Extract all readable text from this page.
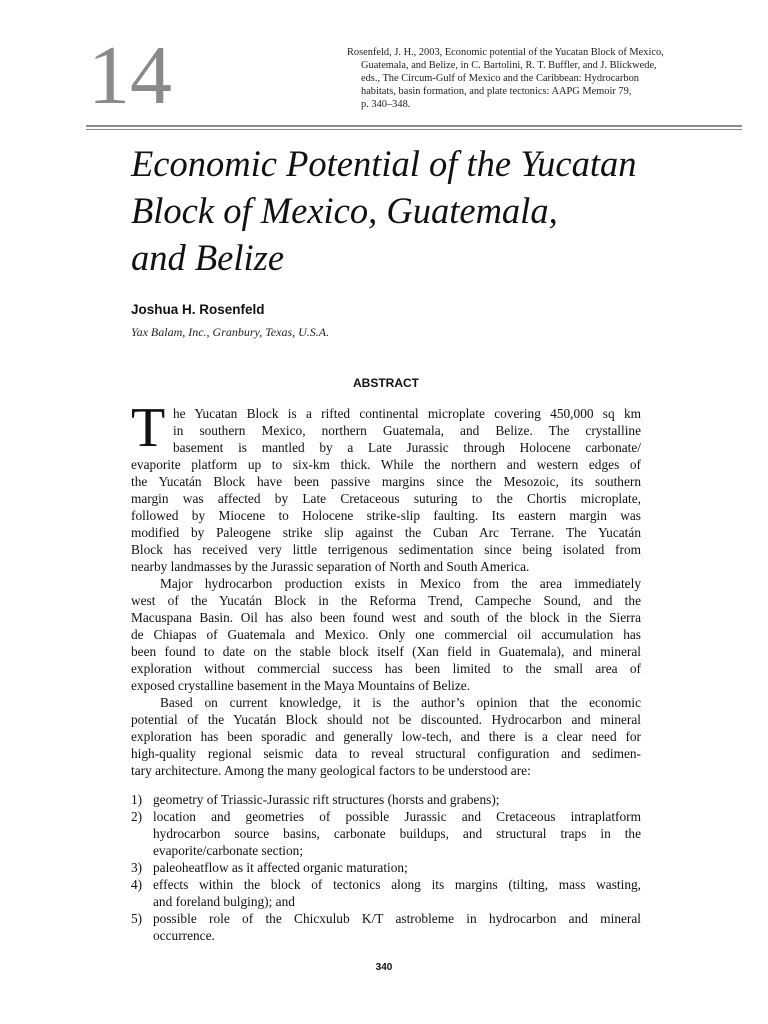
14	Rosenfeld, J. H., 2003, Economic potential of the Yucatan Block of Mexico,
Guatemala, and Belize, in C. Bartolini, R. T. Buffler, and J. Blickwede,
eds., The Circum-Gulf of Mexico and the Caribbean: Hydrocarbon
habitats, basin formation, and plate tectonics: AAPG Memoir 79,
p. 340–348.
Economic Potential of the Yucatan
Block of Mexico, Guatemala,
and Belize
Joshua H. Rosenfeld
Yax Balam, Inc., Granbury, Texas, U.S.A.
ABSTRACT
T he Yucatan Block is a rifted continental microplate covering 450,000 sq km
in southern Mexico, northern Guatemala, and Belize. The crystalline
basement is mantled by a Late Jurassic through Holocene carbonate/
evaporite platform up to six-km thick. While the northern and western edges of
the Yucatán Block have been passive margins since the Mesozoic, its southern
margin was affected by Late Cretaceous suturing to the Chortis microplate,
followed by Miocene to Holocene strike-slip faulting. Its eastern margin was
modified by Paleogene strike slip against the Cuban Arc Terrane. The Yucatán
Block has received very little terrigenous sedimentation since being isolated from
nearby landmasses by the Jurassic separation of North and South America.
Major hydrocarbon production exists in Mexico from the area immediately
west of the Yucatán Block in the Reforma Trend, Campeche Sound, and the
Macuspana Basin. Oil has also been found west and south of the block in the Sierra
de Chiapas of Guatemala and Mexico. Only one commercial oil accumulation has
been found to date on the stable block itself (Xan field in Guatemala), and mineral
exploration without commercial success has been limited to the small area of
exposed crystalline basement in the Maya Mountains of Belize.
Based on current knowledge, it is the author’s opinion that the economic
potential of the Yucatán Block should not be discounted. Hydrocarbon and mineral
exploration has been sporadic and generally low-tech, and there is a clear need for
high-quality regional seismic data to reveal structural configuration and sedimen-
tary architecture. Among the many geological factors to be understood are:
1) geometry of Triassic-Jurassic rift structures (horsts and grabens);
2) location and geometries of possible Jurassic and Cretaceous intraplatform
hydrocarbon source basins, carbonate buildups, and structural traps in the
evaporite/carbonate section;
3) paleoheatflow as it affected organic maturation;
4) effects within the block of tectonics along its margins (tilting, mass wasting,
and foreland bulging); and
5) possible role of the Chicxulub K/T astrobleme in hydrocarbon and mineral
occurrence.
340
